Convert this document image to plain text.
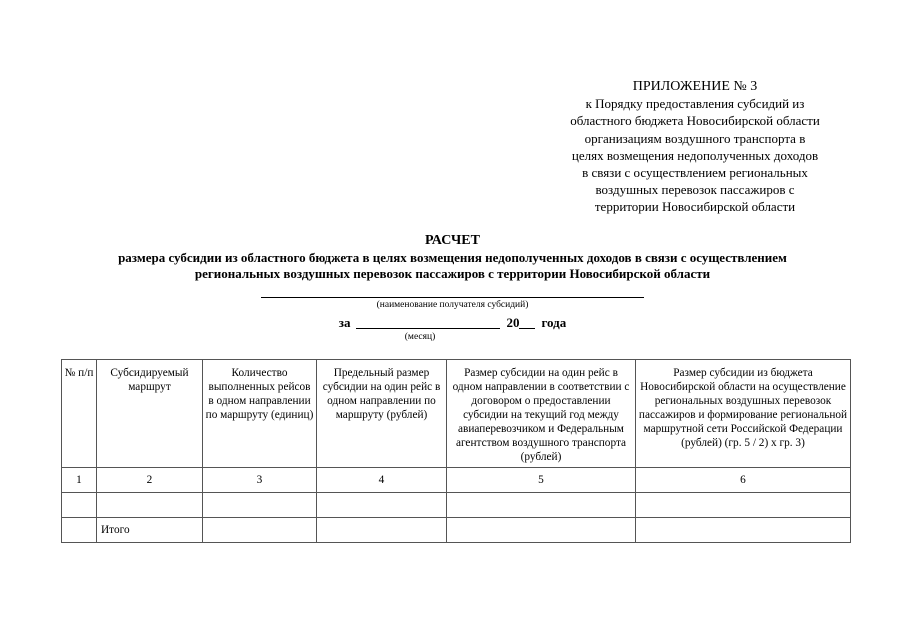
ПРИЛОЖЕНИЕ № 3
к Порядку предоставления субсидий из
областного бюджета Новосибирской области
организациям воздушного транспорта в
целях возмещения недополученных доходов
в связи с осуществлением региональных
воздушных перевозок пассажиров с
территории Новосибирской области
РАСЧЕТ
размера субсидии из областного бюджета в целях возмещения недополученных доходов в связи с осуществлением
региональных воздушных перевозок пассажиров с территории Новосибирской области
(наименование получателя субсидий)
за	20 года
(месяц)
№ п/п	Субсидируемый маршрут	Количество выполненных рейсов в одном направлении по маршруту (единиц)	Предельный размер субсидии на один рейс в одном направлении по маршруту (рублей)	Размер субсидии на один рейс в одном направлении в соответствии с договором о предоставлении субсидии на текущий год между авиаперевозчиком и Федеральным агентством воздушного транспорта (рублей)	Размер субсидии из бюджета Новосибирской области на осуществление региональных воздушных перевозок пассажиров и формирование региональной маршрутной сети Российской Федерации (рублей) (гр. 5 / 2) х гр. 3)
1	2	3	4	5	6

	Итого				
